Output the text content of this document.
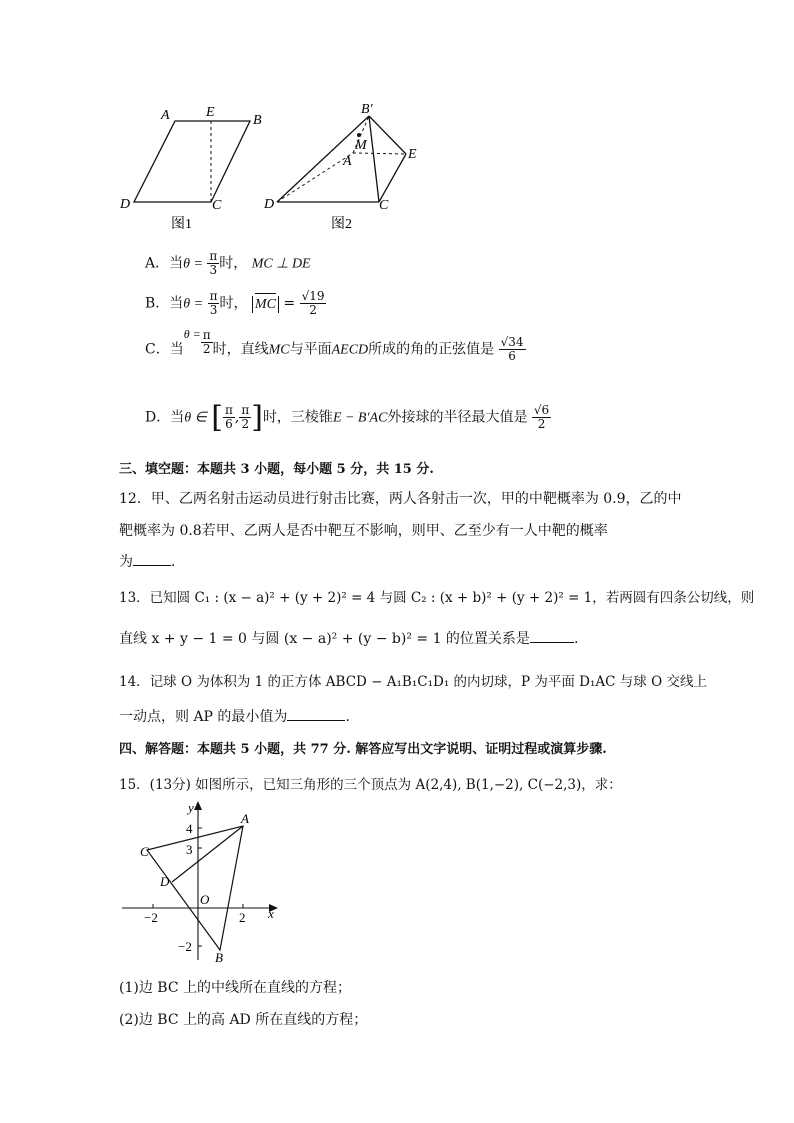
A	E
B
D	C
图1
B′
M
A	E
D	C
图2
A．当$\theta = \frac{\pi}{3}$ 时， MC ⊥ DE
B．当$\theta = \frac{\pi}{3}$ 时， MC = $\frac{√19}{2}$
C．当$\theta = \frac{\pi}{2}$ 时，直线MC与平面AECD所成的角的正弦值是 $\frac{√34}{6}$
D．当θ ∈ [ $\frac{\pi}{6}$ , $\frac{\pi}{2}$ ]时，三棱锥E − B′AC外接球的半径最大值是 $\frac{√6}{2}$
三、填空题：本题共 3 小题，每小题 5 分，共 15 分.
12．甲、乙两名射击运动员进行射击比赛，两人各射击一次，甲的中靶概率为 0.9，乙的中
靶概率为 0.8若甲、乙两人是否中靶互不影响，则甲、乙至少有一人中靶的概率
为	.
13．已知圆 C₁ : (x − a)² + (y + 2)² = 4 与圆 C₂ : (x + b)² + (y + 2)² = 1，若两圆有四条公切线，则
直线 x + y − 1 = 0 与圆 (x − a)² + (y − b)² = 1 的位置关系是	.
14．记球 O 为体积为 1 的正方体 ABCD − A₁B₁C₁D₁ 的内切球，P 为平面 D₁AC 与球 O 交线上
一动点，则 AP 的最小值为	.
四、解答题：本题共 5 小题，共 77 分. 解答应写出文字说明、证明过程或演算步骤.
15．(13分) 如图所示，已知三角形的三个顶点为 A(2,4), B(1,−2), C(−2,3)，求：
y
x
O
−2	2
4
3
−2
A
B
C
D
(1)边 BC 上的中线所在直线的方程；
(2)边 BC 上的高 AD 所在直线的方程；
